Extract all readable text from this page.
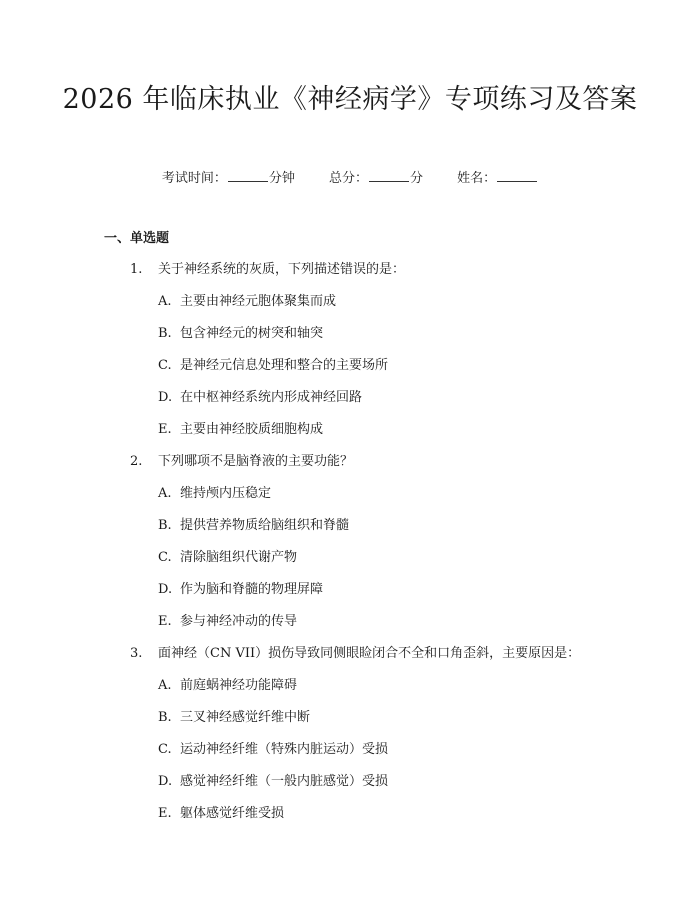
2026 年临床执业《神经病学》专项练习及答案
考试时间：	分钟	总分：	分	姓名：
一、单选题
1. 关于神经系统的灰质，下列描述错误的是：
A. 主要由神经元胞体聚集而成
B. 包含神经元的树突和轴突
C. 是神经元信息处理和整合的主要场所
D. 在中枢神经系统内形成神经回路
E. 主要由神经胶质细胞构成
2. 下列哪项不是脑脊液的主要功能？
A. 维持颅内压稳定
B. 提供营养物质给脑组织和脊髓
C. 清除脑组织代谢产物
D. 作为脑和脊髓的物理屏障
E. 参与神经冲动的传导
3. 面神经（CN VII）损伤导致同侧眼睑闭合不全和口角歪斜，主要原因是：
A. 前庭蜗神经功能障碍
B. 三叉神经感觉纤维中断
C. 运动神经纤维（特殊内脏运动）受损
D. 感觉神经纤维（一般内脏感觉）受损
E. 躯体感觉纤维受损
